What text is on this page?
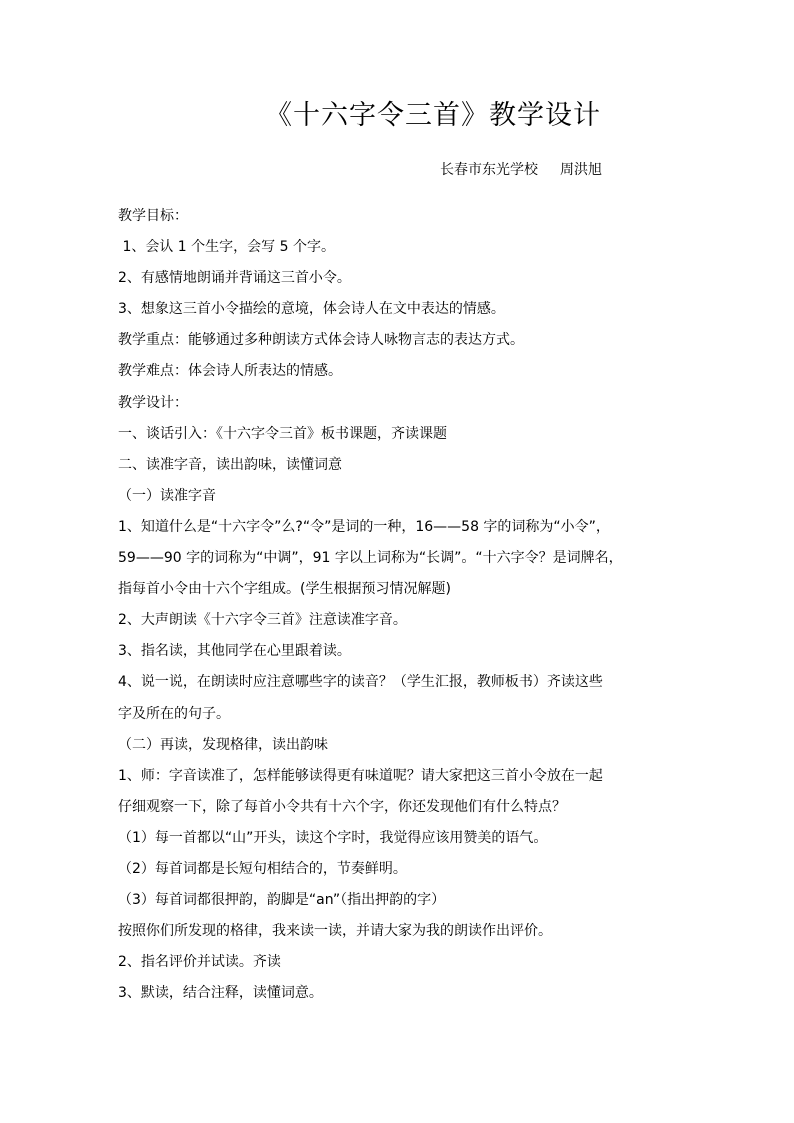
《十六字令三首》教学设计
长春市东光学校 周洪旭
教学目标：
1、会认 1 个生字，会写 5 个字。
2、有感情地朗诵并背诵这三首小令。
3、想象这三首小令描绘的意境，体会诗人在文中表达的情感。
教学重点：能够通过多种朗读方式体会诗人咏物言志的表达方式。
教学难点：体会诗人所表达的情感。
教学设计：
一、谈话引入：《十六字令三首》板书课题，齐读课题
二、读准字音，读出韵味，读懂词意
（一）读准字音
1、知道什么是“十六字令”么?“令”是词的一种，16——58 字的词称为“小令”，
59——90 字的词称为“中调”，91 字以上词称为“长调”。“十六字令？是词牌名，
指每首小令由十六个字组成。(学生根据预习情况解题)
2、大声朗读《十六字令三首》注意读准字音。
3、指名读，其他同学在心里跟着读。
4、说一说，在朗读时应注意哪些字的读音？（学生汇报，教师板书）齐读这些
字及所在的句子。
（二）再读，发现格律，读出韵味
1、师：字音读准了，怎样能够读得更有味道呢？请大家把这三首小令放在一起
仔细观察一下，除了每首小令共有十六个字，你还发现他们有什么特点？
（1）每一首都以“山”开头，读这个字时，我觉得应该用赞美的语气。
（2）每首词都是长短句相结合的，节奏鲜明。
（3）每首词都很押韵，韵脚是“an”（指出押韵的字）
按照你们所发现的格律，我来读一读，并请大家为我的朗读作出评价。
2、指名评价并试读。齐读
3、默读，结合注释，读懂词意。
